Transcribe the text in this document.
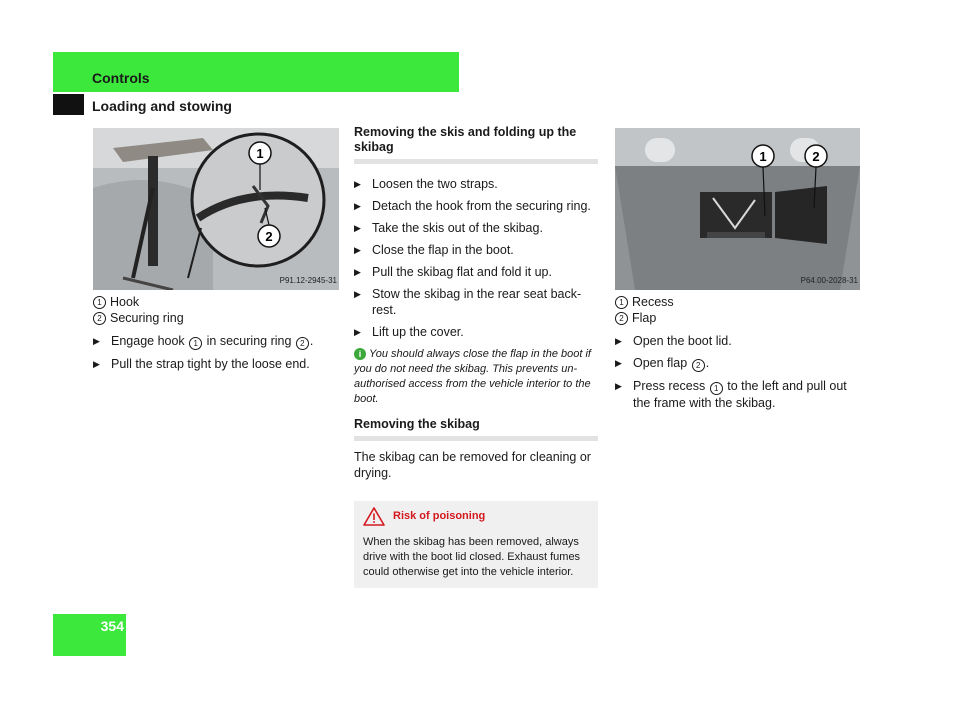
Controls
Loading and stowing
354
1
2
P91.12-2945-31
1 Hook
2 Securing ring
▶ Engage hook 1 in securing ring 2 .
▶ Pull the strap tight by the loose end.
Removing the skis and folding up the skibag
▶ Loosen the two straps.
▶ Detach the hook from the securing ring.
▶ Take the skis out of the skibag.
▶ Close the flap in the boot.
▶ Pull the skibag flat and fold it up.
▶ Stow the skibag in the rear seat back-rest.
▶ Lift up the cover.
i You should always close the flap in the boot if you do not need the skibag. This prevents un-authorised access from the vehicle interior to the boot.
Removing the skibag
The skibag can be removed for cleaning or drying.
Risk of poisoning
When the skibag has been removed, always drive with the boot lid closed. Exhaust fumes could otherwise get into the vehicle interior.
1	2
P64.00-2028-31
1 Recess
2 Flap
▶ Open the boot lid.
▶ Open flap 2 .
▶ Press recess 1 to the left and pull out the frame with the skibag.
